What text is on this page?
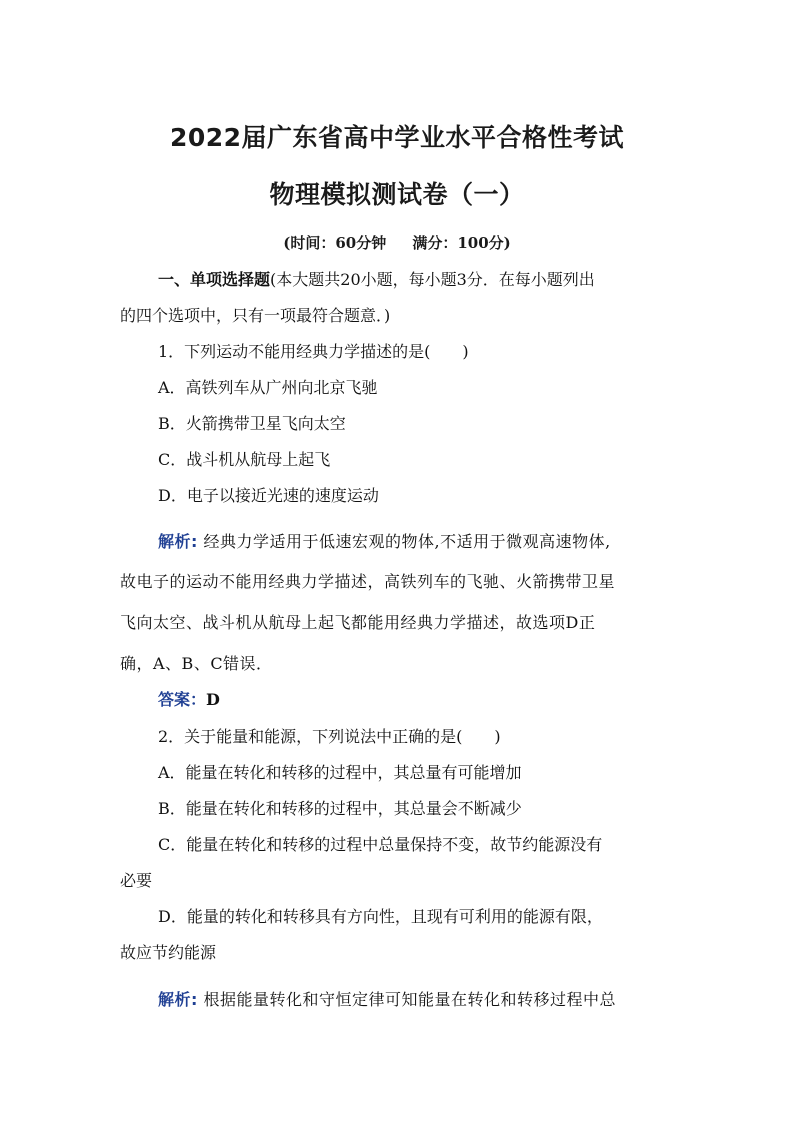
2022届广东省高中学业水平合格性考试
物理模拟测试卷（一）
(时间：60分钟 满分：100分)
一、单项选择题(本大题共20小题，每小题3分．在每小题列出
的四个选项中，只有一项最符合题意．)
1．下列运动不能用经典力学描述的是(　　)
A．高铁列车从广州向北京飞驰
B．火箭携带卫星飞向太空
C．战斗机从航母上起飞
D．电子以接近光速的速度运动
解析: 经典力学适用于低速宏观的物体,不适用于微观高速物体,
故电子的运动不能用经典力学描述，高铁列车的飞驰、火箭携带卫星
飞向太空、战斗机从航母上起飞都能用经典力学描述，故选项D正
确，A、B、C错误．
答案：D
2．关于能量和能源，下列说法中正确的是(　　)
A．能量在转化和转移的过程中，其总量有可能增加
B．能量在转化和转移的过程中，其总量会不断减少
C．能量在转化和转移的过程中总量保持不变，故节约能源没有
必要
D．能量的转化和转移具有方向性，且现有可利用的能源有限，
故应节约能源
解析: 根据能量转化和守恒定律可知能量在转化和转移过程中总
